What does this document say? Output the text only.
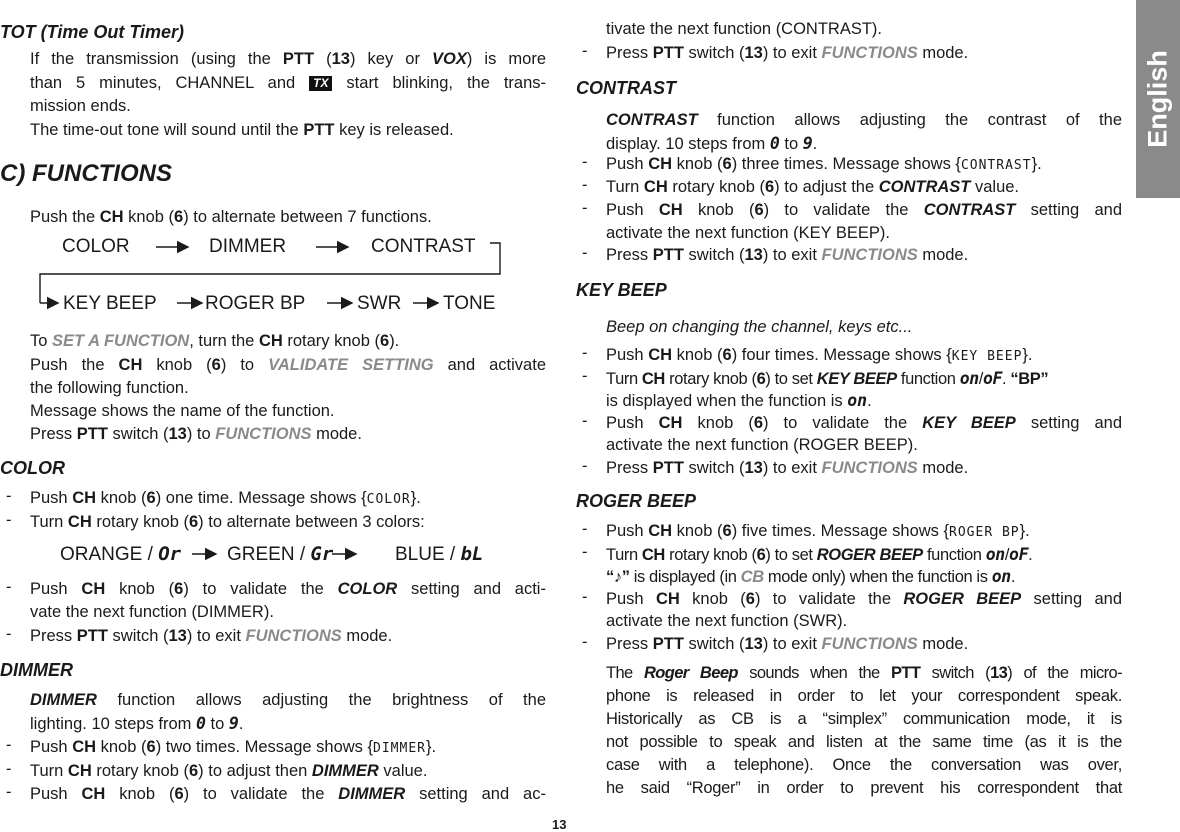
TOT (Time Out Timer)
If the transmission (using the PTT (13) key or VOX) is more
than 5 minutes, CHANNEL and TX start blinking, the trans-
mission ends.
The time-out tone will sound until the PTT key is released.
C) FUNCTIONS
Push the CH knob (6) to alternate between 7 functions.
COLOR	DIMMER	CONTRAST
KEY BEEP	ROGER BP	SWR TONE
To SET A FUNCTION, turn the CH rotary knob (6).
Push the CH knob (6) to VALIDATE SETTING and activate
the following function.
Message shows the name of the function.
Press PTT switch (13) to FUNCTIONS mode.
COLOR
- Push CH knob (6) one time. Message shows {COLOR}.
- Turn CH rotary knob (6) to alternate between 3 colors:
ORANGE / Or GREEN / Gr	BLUE / bL
- Push CH knob (6) to validate the COLOR setting and acti-
vate the next function (DIMMER).
- Press PTT switch (13) to exit FUNCTIONS mode.
DIMMER
DIMMER function allows adjusting the brightness of the
lighting. 10 steps from 0 to 9.
- Push CH knob (6) two times. Message shows {DIMMER}.
- Turn CH rotary knob (6) to adjust then DIMMER value.
- Push CH knob (6) to validate the DIMMER setting and ac-
tivate the next function (CONTRAST).
- Press PTT switch (13) to exit FUNCTIONS mode.
CONTRAST
CONTRAST function allows adjusting the contrast of the
display. 10 steps from 0 to 9.
- Push CH knob (6) three times. Message shows {CONTRAST}.
- Turn CH rotary knob (6) to adjust the CONTRAST value.
- Push CH knob (6) to validate the CONTRAST setting and
activate the next function (KEY BEEP).
- Press PTT switch (13) to exit FUNCTIONS mode.
KEY BEEP
Beep on changing the channel, keys etc...
- Push CH knob (6) four times. Message shows {KEY BEEP}.
- Turn CH rotary knob (6) to set KEY BEEP function on/oF. “BP”
is displayed when the function is on.
- Push CH knob (6) to validate the KEY BEEP setting and
activate the next function (ROGER BEEP).
- Press PTT switch (13) to exit FUNCTIONS mode.
ROGER BEEP
- Push CH knob (6) five times. Message shows {ROGER BP}.
- Turn CH rotary knob (6) to set ROGER BEEP function on/oF.
“♪” is displayed (in CB mode only) when the function is on.
- Push CH knob (6) to validate the ROGER BEEP setting and
activate the next function (SWR).
- Press PTT switch (13) to exit FUNCTIONS mode.
The Roger Beep sounds when the PTT switch (13) of the micro-
phone is released in order to let your correspondent speak.
Historically as CB is a “simplex” communication mode, it is
not possible to speak and listen at the same time (as it is the
case with a telephone). Once the conversation was over,
he said “Roger” in order to prevent his correspondent that
English
13
